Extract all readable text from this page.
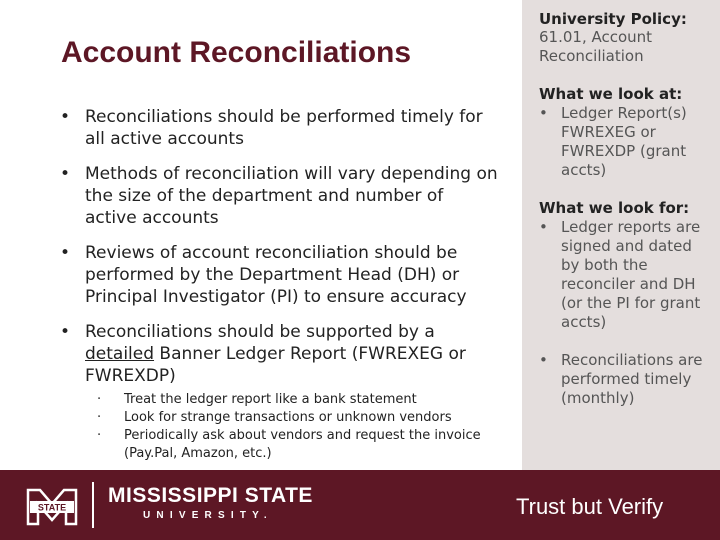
Account Reconciliations
• Reconciliations should be performed timely for all active accounts
• Methods of reconciliation will vary depending on the size of the department and number of active accounts
• Reviews of account reconciliation should be performed by the Department Head (DH) or Principal Investigator (PI) to ensure accuracy
• Reconciliations should be supported by a detailed Banner Ledger Report (FWREXEG or FWREXDP)
· Treat the ledger report like a bank statement
· Look for strange transactions or unknown vendors
· Periodically ask about vendors and request the invoice (Pay.Pal, Amazon, etc.)
University Policy:
61.01, Account Reconciliation
What we look at:
• Ledger Report(s) FWREXEG or FWREXDP (grant accts)
What we look for:
• Ledger reports are signed and dated by both the reconciler and DH (or the PI for grant accts)
• Reconciliations are performed timely (monthly)
STATE
MISSISSIPPI STATE
UNIVERSITY.	Trust but Verify
